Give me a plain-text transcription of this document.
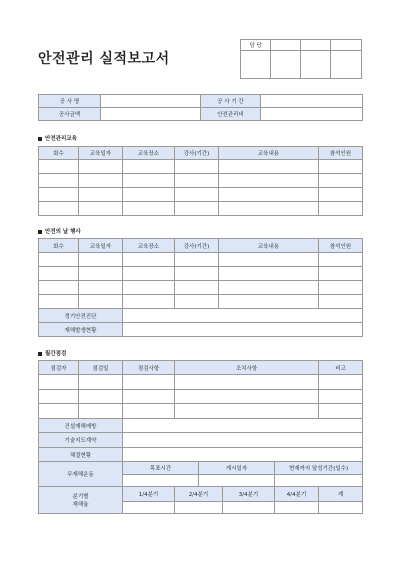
안전관리 실적보고서
담 당			

공 사 명		공 사 기 간	
공사금액		안전관리비	
안전관리교육
회수	교육일자	교육장소	강사(기간)	교육내용	참석인원

안전의 날 행사
회수	교육일자	교육장소	강사(기간)	교육내용	참석인원

정기안전진단					
재해발생현황					
월간점검
점검자	점검일	점검사항	조치사항				비고

건설재해예방							
기술지도계약							
체결현황							
무재해운동		목표시간		게시일자		현재까지 달성기간(일수)	

분기별
재해율		1/4분기	2/4분기		3/4분기	4/4분기	계
